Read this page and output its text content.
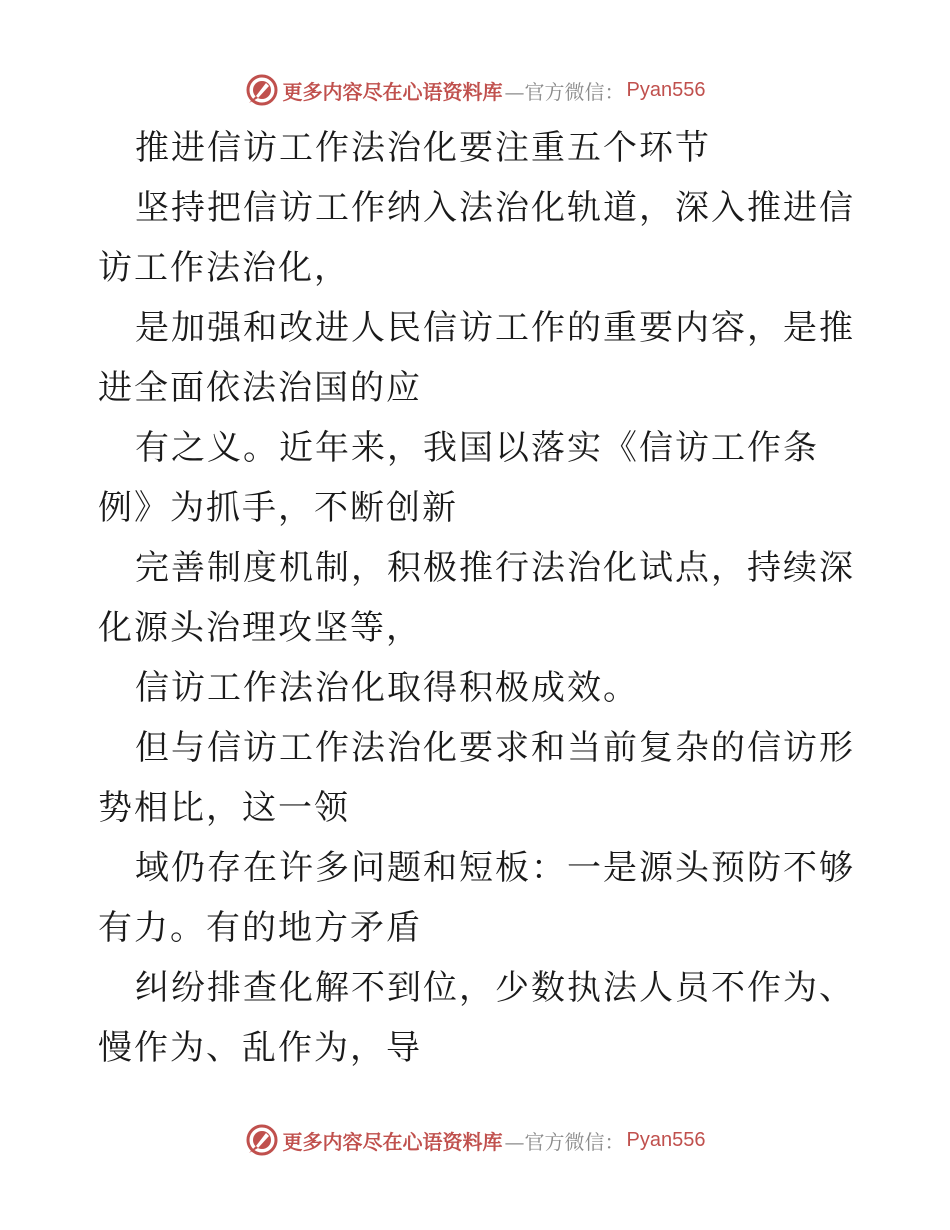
更多内容尽在心语资料库 —官方微信： Pyan556

推进信访工作法治化要注重五个环节

坚持把信访工作纳入法治化轨道，深入推进信访工作法治化，

是加强和改进人民信访工作的重要内容，是推进全面依法治国的应

有之义。近年来，我国以落实《信访工作条例》为抓手，不断创新

完善制度机制，积极推行法治化试点，持续深化源头治理攻坚等，

信访工作法治化取得积极成效。

但与信访工作法治化要求和当前复杂的信访形势相比，这一领

域仍存在许多问题和短板：一是源头预防不够有力。有的地方矛盾

纠纷排查化解不到位，少数执法人员不作为、慢作为、乱作为，导

更多内容尽在心语资料库 —官方微信： Pyan556
